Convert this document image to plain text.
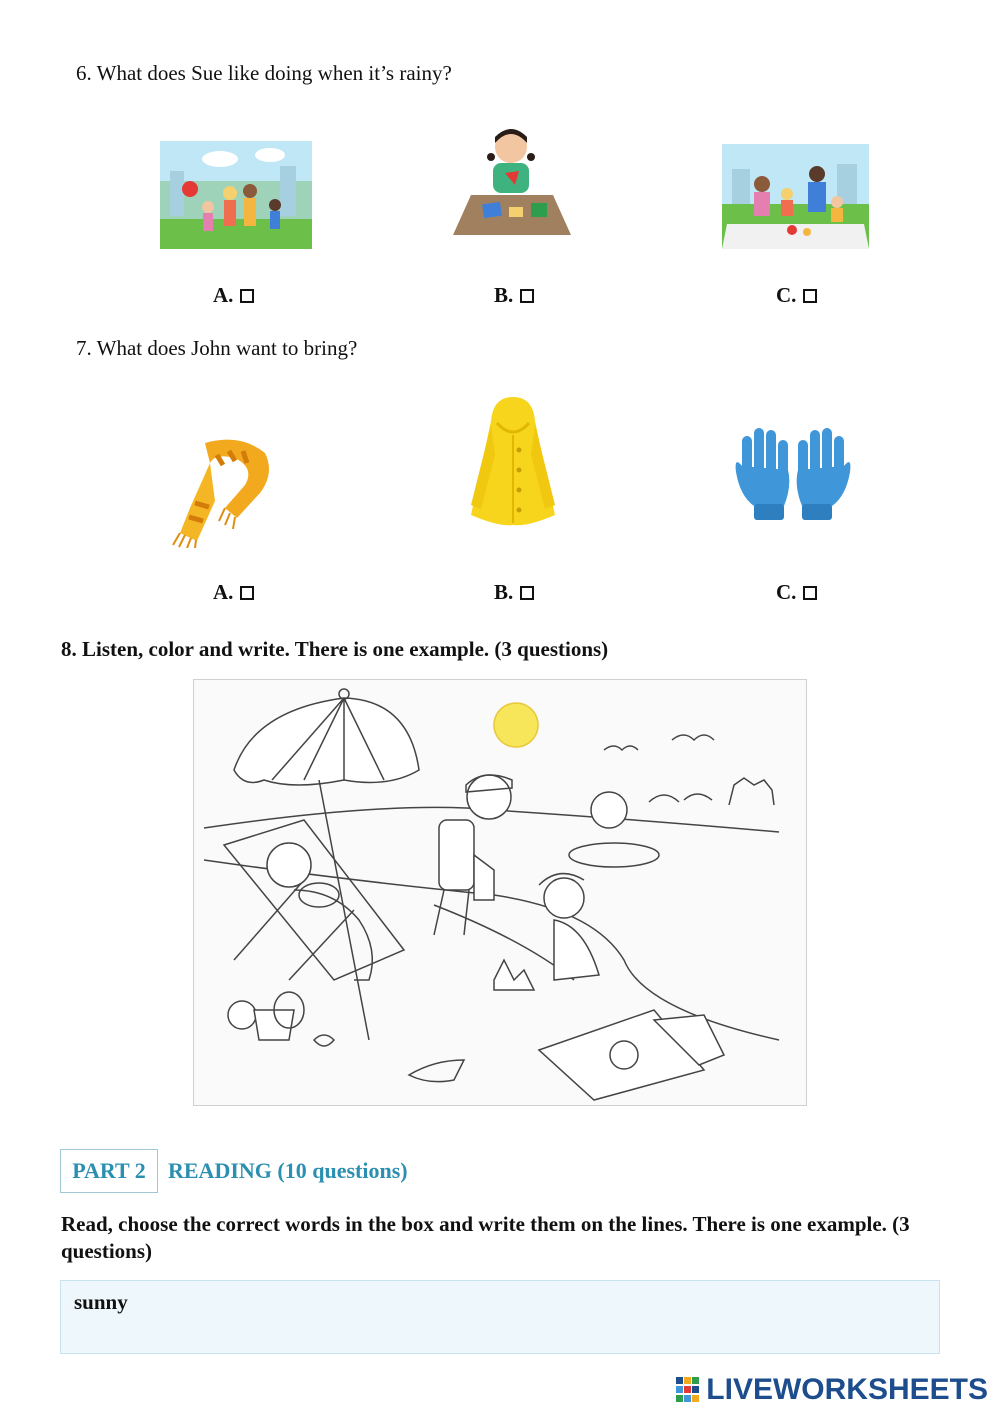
6. What does Sue like doing when it’s rainy?
A.	B.	C.
7. What does John want to bring?
A.	B.	C.
8. Listen, color and write. There is one example. (3 questions)
PART 2	READING (10 questions)
Read, choose the correct words in the box and write them on the lines. There is one example. (3 questions)
sunny
LIVEWORKSHEETS
